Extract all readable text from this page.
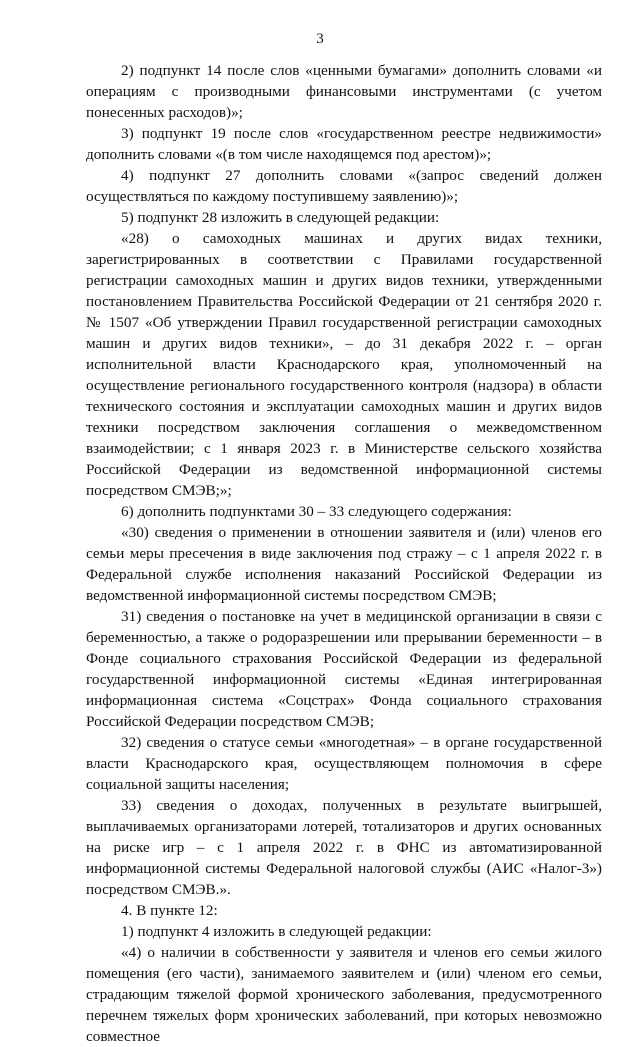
3

2) подпункт 14 после слов «ценными бумагами» дополнить словами «и операциям с производными финансовыми инструментами (с учетом понесенных расходов)»;

3) подпункт 19 после слов «государственном реестре недвижимости» дополнить словами «(в том числе находящемся под арестом)»;

4) подпункт 27 дополнить словами «(запрос сведений должен осуществляться по каждому поступившему заявлению)»;

5) подпункт 28 изложить в следующей редакции:

«28) о самоходных машинах и других видах техники, зарегистрированных в соответствии с Правилами государственной регистрации самоходных машин и других видов техники, утвержденными постановлением Правительства Российской Федерации от 21 сентября 2020 г. № 1507 «Об утверждении Правил государственной регистрации самоходных машин и других видов техники», – до 31 декабря 2022 г. – орган исполнительной власти Краснодарского края, уполномоченный на осуществление регионального государственного контроля (надзора) в области технического состояния и эксплуатации самоходных машин и других видов техники посредством заключения соглашения о межведомственном взаимодействии; с 1 января 2023 г. в Министерстве сельского хозяйства Российской Федерации из ведомственной информационной системы посредством СМЭВ;»;

6) дополнить подпунктами 30 – 33 следующего содержания:

«30) сведения о применении в отношении заявителя и (или) членов его семьи меры пресечения в виде заключения под стражу – с 1 апреля 2022 г. в Федеральной службе исполнения наказаний Российской Федерации из ведомственной информационной системы посредством СМЭВ;

31) сведения о постановке на учет в медицинской организации в связи с беременностью, а также о родоразрешении или прерывании беременности – в Фонде социального страхования Российской Федерации из федеральной государственной информационной системы «Единая интегрированная информационная система «Соцстрах» Фонда социального страхования Российской Федерации посредством СМЭВ;

32) сведения о статусе семьи «многодетная» – в органе государственной власти Краснодарского края, осуществляющем полномочия в сфере социальной защиты населения;

33) сведения о доходах, полученных в результате выигрышей, выплачиваемых организаторами лотерей, тотализаторов и других основанных на риске игр – с 1 апреля 2022 г. в ФНС из автоматизированной информационной системы Федеральной налоговой службы (АИС «Налог-3») посредством СМЭВ.».

4. В пункте 12:

1) подпункт 4 изложить в следующей редакции:

«4) о наличии в собственности у заявителя и членов его семьи жилого помещения (его части), занимаемого заявителем и (или) членом его семьи, страдающим тяжелой формой хронического заболевания, предусмотренного перечнем тяжелых форм хронических заболеваний, при которых невозможно совместное
